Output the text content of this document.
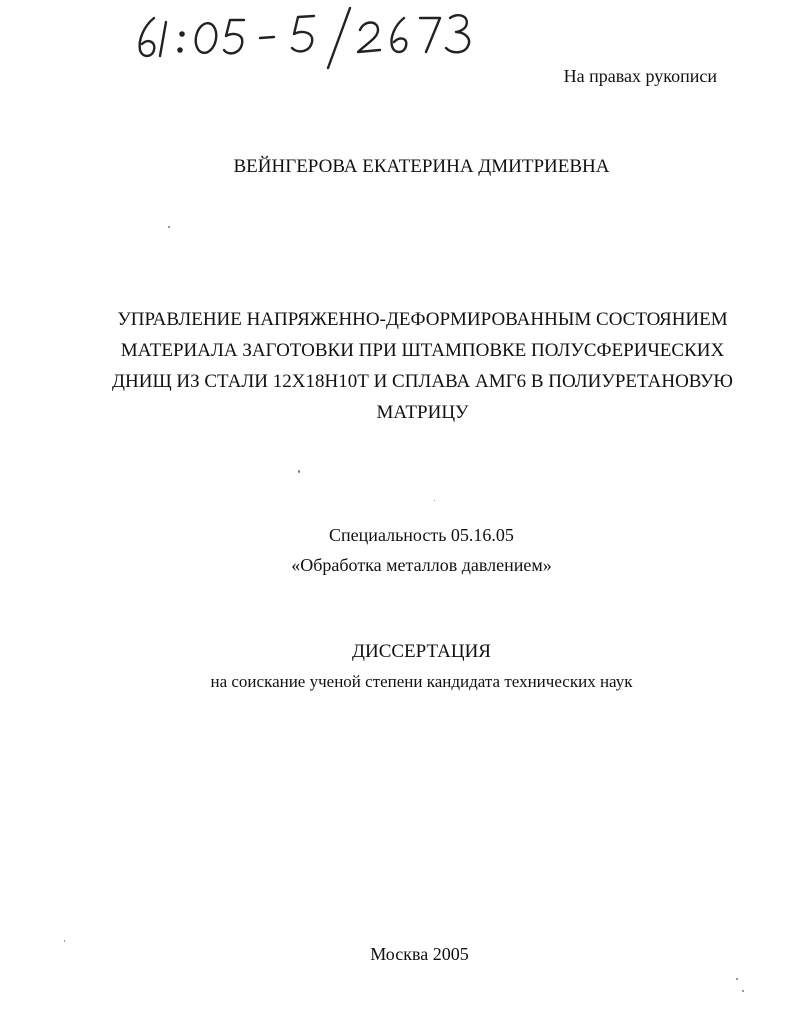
На правах рукописи
ВЕЙНГЕРОВА ЕКАТЕРИНА ДМИТРИЕВНА
УПРАВЛЕНИЕ НАПРЯЖЕННО-ДЕФОРМИРОВАННЫМ СОСТОЯНИЕМ
МАТЕРИАЛА ЗАГОТОВКИ ПРИ ШТАМПОВКЕ ПОЛУСФЕРИЧЕСКИХ
ДНИЩ ИЗ СТАЛИ 12Х18Н10Т И СПЛАВА АМГ6 В ПОЛИУРЕТАНОВУЮ
МАТРИЦУ
Специальность 05.16.05
«Обработка металлов давлением»
ДИССЕРТАЦИЯ
на соискание ученой степени кандидата технических наук
Москва 2005
